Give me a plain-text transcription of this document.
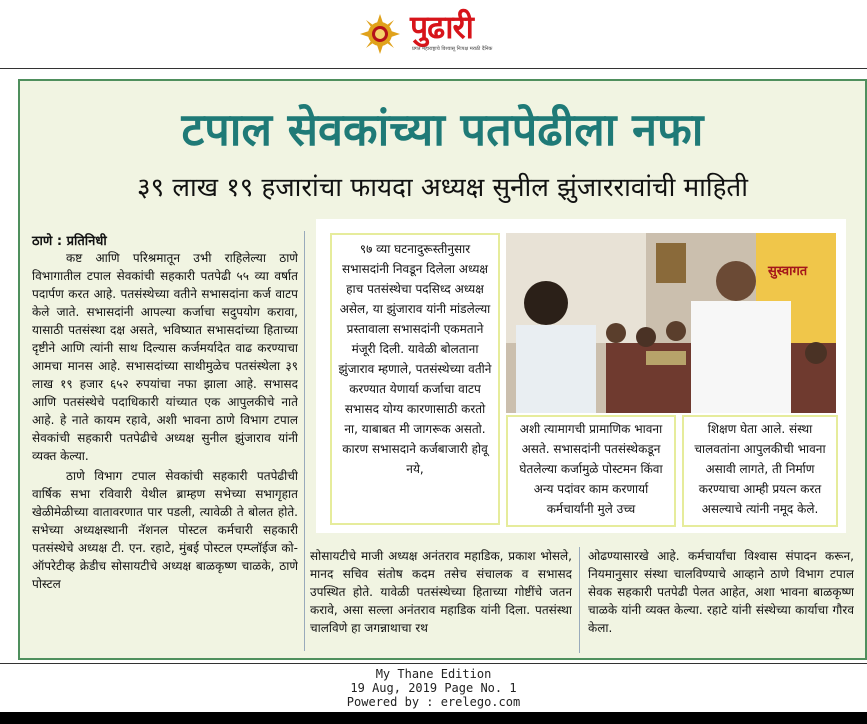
पुढारी
प्रगत महाराष्ट्राचे विश्वासू निःपक्ष मराठी दैनिक
टपाल सेवकांच्या पतपेढीला नफा
३९ लाख १९ हजारांचा फायदा अध्यक्ष सुनील झुंजाररावांची माहिती
ठाणे : प्रतिनिधी

कष्ट आणि परिश्रमातून उभी राहिलेल्या ठाणे विभागातील टपाल सेवकांची सहकारी पतपेढी ५५ व्या वर्षात पदार्पण करत आहे. पतसंस्थेच्या वतीने सभासदांना कर्ज वाटप केले जाते. सभासदांनी आपल्या कर्जाचा सदुपयोग करावा, यासाठी पतसंस्था दक्ष असते, भविष्यात सभासदांच्या हिताच्या दृष्टीने आणि त्यांनी साथ दिल्यास कर्जमर्यादेत वाढ करण्याचा आमचा मानस आहे. सभासदांच्या साथीमुळेच पतसंस्थेला ३९ लाख १९ हजार ६५२ रुपयांचा नफा झाला आहे. सभासद आणि पतसंस्थेचे पदाधिकारी यांच्यात एक आपुलकीचे नाते आहे. हे नाते कायम रहावे, अशी भावना ठाणे विभाग टपाल सेवकांची सहकारी पतपेढीचे अध्यक्ष सुनील झुंजाराव यांनी व्यक्त केल्या.

ठाणे विभाग टपाल सेवकांची सहकारी पतपेढीची वार्षिक सभा रविवारी येथील ब्राम्हण सभेच्या सभागृहात खेळीमेळीच्या वातावरणात पार पडली, त्यावेळी ते बोलत होते. सभेच्या अध्यक्षस्थानी नॅशनल पोस्टल कर्मचारी सहकारी पतसंस्थेचे अध्यक्ष टी. एन. रहाटे, मुंबई पोस्टल एम्प्लॉईज को- ऑपरेटीव्ह क्रेडीच सोसायटीचे अध्यक्ष बाळकृष्ण चाळके, ठाणे पोस्टल

९७ व्या घटनादुरूस्तीनुसार सभासदांनी निवडून दिलेला अध्यक्ष हाच पतसंस्थेचा पदसिध्द अध्यक्ष असेल, या झुंजाराव यांनी मांडलेल्या प्रस्तावाला सभासदांनी एकमताने मंजूरी दिली. यावेळी बोलताना झुंजाराव म्हणाले, पतसंस्थेच्या वतीने करण्यात येणार्या कर्जाचा वाटप सभासद योग्य कारणासाठी करतो ना, याबाबत मी जागरूक असतो. कारण सभासदाने कर्जबाजारी होवू नये,
सुस्वागत
अशी त्यामागची प्रामाणिक भावना असते. सभासदांनी पतसंस्थेकडून घेतलेल्या कर्जामुळे पोस्टमन किंवा अन्य पदांवर काम करणार्या कर्मचार्यांनी मुले उच्च
शिक्षण घेता आले. संस्था चालवतांना आपुलकीची भावना असावी लागते, ती निर्माण करण्याचा आम्ही प्रयत्न करत असल्याचे त्यांनी नमूद केले.
सोसायटीचे माजी अध्यक्ष अनंतराव महाडिक, प्रकाश भोसले, मानद सचिव संतोष कदम तसेच संचालक व सभासद उपस्थित होते. यावेळी पतसंस्थेच्या हिताच्या गोष्टींचे जतन करावे, असा सल्ला अनंतराव महाडिक यांनी दिला. पतसंस्था चालविणे हा जगन्नाथाचा रथ
ओढण्यासारखे आहे. कर्मचार्यांचा विश्वास संपादन करून, नियमानुसार संस्था चालविण्याचे आव्हाने ठाणे विभाग टपाल सेवक सहकारी पतपेढी पेलत आहेत, अशा भावना बाळकृष्ण चाळके यांनी व्यक्त केल्या. रहाटे यांनी संस्थेच्या कार्याचा गौरव केला.
My Thane Edition
19 Aug, 2019 Page No. 1
Powered by : erelego.com
